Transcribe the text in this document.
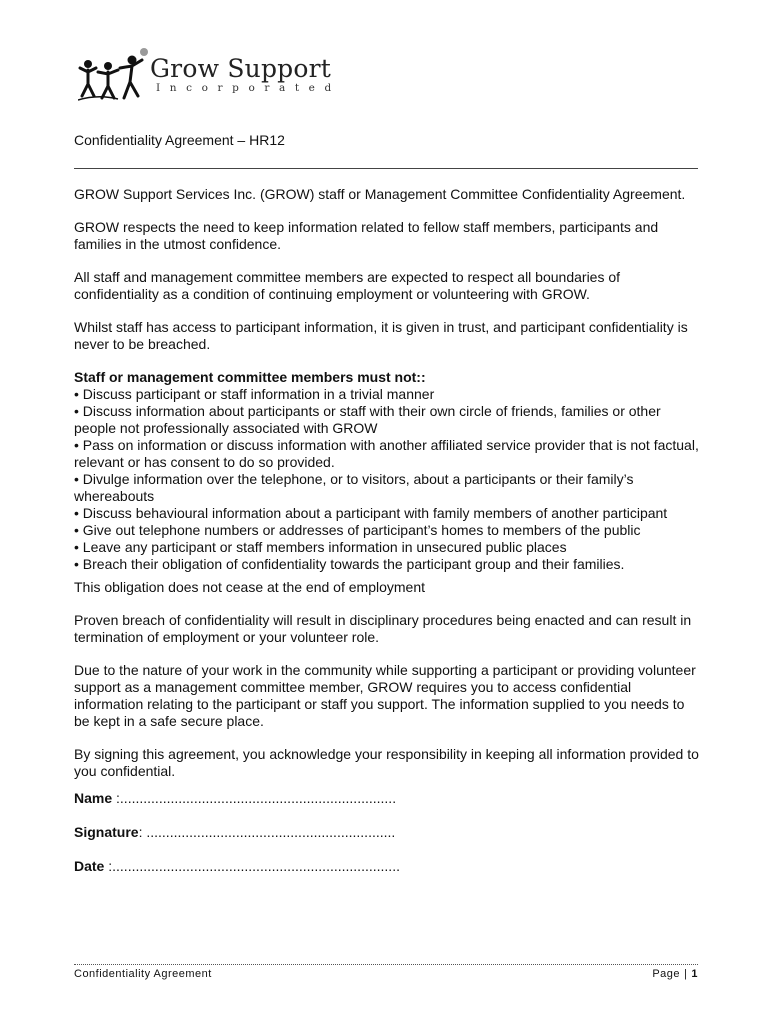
Grow Support
Incorporated
Confidentiality Agreement – HR12

GROW Support Services Inc. (GROW) staff or Management Committee Confidentiality Agreement.

GROW respects the need to keep information related to fellow staff members, participants and families in the utmost confidence.

All staff and management committee members are expected to respect all boundaries of confidentiality as a condition of continuing employment or volunteering with GROW.

Whilst staff has access to participant information, it is given in trust, and participant confidentiality is never to be breached.

Staff or management committee members must not::
• Discuss participant or staff information in a trivial manner
• Discuss information about participants or staff with their own circle of friends, families or other people not professionally associated with GROW
• Pass on information or discuss information with another affiliated service provider that is not factual, relevant or has consent to do so provided.
• Divulge information over the telephone, or to visitors, about a participants or their family’s whereabouts
• Discuss behavioural information about a participant with family members of another participant
• Give out telephone numbers or addresses of participant’s homes to members of the public
• Leave any participant or staff members information in unsecured public places
• Breach their obligation of confidentiality towards the participant group and their families.

This obligation does not cease at the end of employment

Proven breach of confidentiality will result in disciplinary procedures being enacted and can result in termination of employment or your volunteer role.

Due to the nature of your work in the community while supporting a participant or providing volunteer support as a management committee member, GROW requires you to access confidential information relating to the participant or staff you support. The information supplied to you needs to be kept in a safe secure place.

By signing this agreement, you acknowledge your responsibility in keeping all information provided to you confidential.

Name :.......................................................................
Signature: ................................................................
Date :..........................................................................
Confidentiality Agreement	Page | 1
